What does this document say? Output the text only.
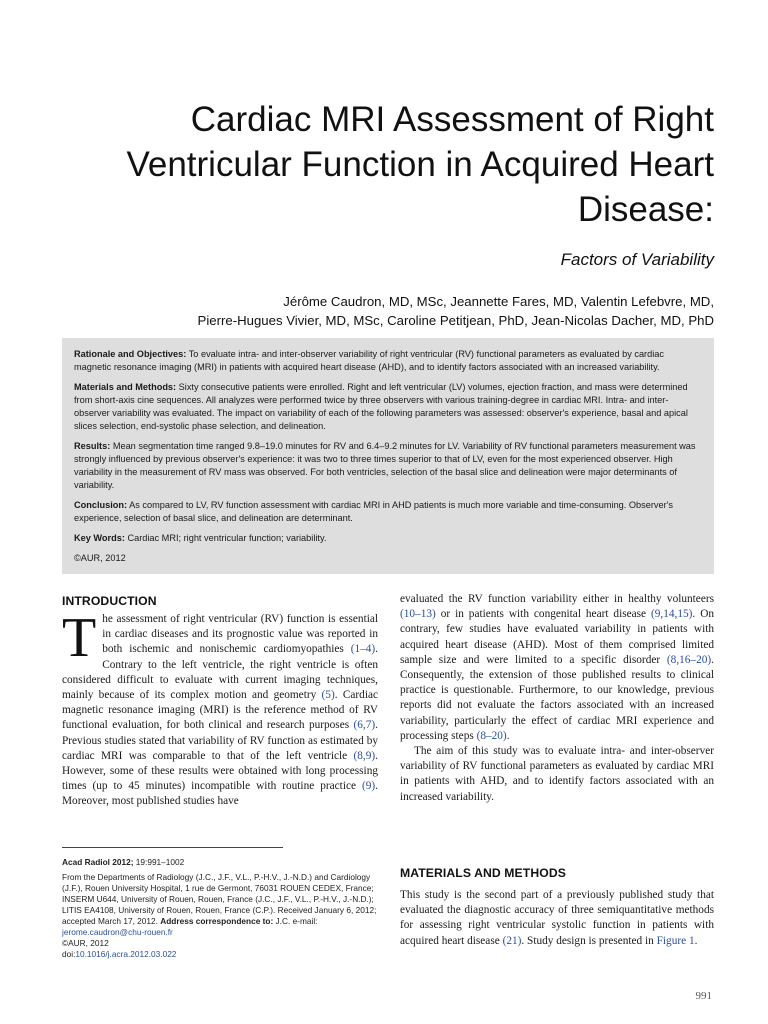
Cardiac MRI Assessment of Right Ventricular Function in Acquired Heart Disease:

Factors of Variability

Jérôme Caudron, MD, MSc, Jeannette Fares, MD, Valentin Lefebvre, MD,
Pierre-Hugues Vivier, MD, MSc, Caroline Petitjean, PhD, Jean-Nicolas Dacher, MD, PhD

Rationale and Objectives: To evaluate intra- and inter-observer variability of right ventricular (RV) functional parameters as evaluated by cardiac magnetic resonance imaging (MRI) in patients with acquired heart disease (AHD), and to identify factors associated with an increased variability.

Materials and Methods: Sixty consecutive patients were enrolled. Right and left ventricular (LV) volumes, ejection fraction, and mass were determined from short-axis cine sequences. All analyzes were performed twice by three observers with various training-degree in cardiac MRI. Intra- and inter-observer variability was evaluated. The impact on variability of each of the following parameters was assessed: observer's experience, basal and apical slices selection, end-systolic phase selection, and delineation.

Results: Mean segmentation time ranged 9.8–19.0 minutes for RV and 6.4–9.2 minutes for LV. Variability of RV functional parameters measurement was strongly influenced by previous observer's experience: it was two to three times superior to that of LV, even for the most experienced observer. High variability in the measurement of RV mass was observed. For both ventricles, selection of the basal slice and delineation were major determinants of variability.

Conclusion: As compared to LV, RV function assessment with cardiac MRI in AHD patients is much more variable and time-consuming. Observer's experience, selection of basal slice, and delineation are determinant.

Key Words: Cardiac MRI; right ventricular function; variability.

©AUR, 2012

INTRODUCTION

The assessment of right ventricular (RV) function is essential in cardiac diseases and its prognostic value was reported in both ischemic and nonischemic cardiomyopathies (1–4). Contrary to the left ventricle, the right ventricle is often considered difficult to evaluate with current imaging techniques, mainly because of its complex motion and geometry (5). Cardiac magnetic resonance imaging (MRI) is the reference method of RV functional evaluation, for both clinical and research purposes (6,7). Previous studies stated that variability of RV function as estimated by cardiac MRI was comparable to that of the left ventricle (8,9). However, some of these results were obtained with long processing times (up to 45 minutes) incompatible with routine practice (9). Moreover, most published studies have

Acad Radiol 2012; 19:991–1002

From the Departments of Radiology (J.C., J.F., V.L., P.-H.V., J.-N.D.) and Cardiology (J.F.), Rouen University Hospital, 1 rue de Germont, 76031 ROUEN CEDEX, France; INSERM U644, University of Rouen, Rouen, France (J.C., J.F., V.L., P.-H.V., J.-N.D.); LITIS EA4108, University of Rouen, Rouen, France (C.P.). Received January 6, 2012; accepted March 17, 2012. Address correspondence to: J.C. e-mail: jerome.caudron@chu-rouen.fr

©AUR, 2012

doi:10.1016/j.acra.2012.03.022

evaluated the RV function variability either in healthy volunteers (10–13) or in patients with congenital heart disease (9,14,15). On contrary, few studies have evaluated variability in patients with acquired heart disease (AHD). Most of them comprised limited sample size and were limited to a specific disorder (8,16–20). Consequently, the extension of those published results to clinical practice is questionable. Furthermore, to our knowledge, previous reports did not evaluate the factors associated with an increased variability, particularly the effect of cardiac MRI experience and processing steps (8–20).

The aim of this study was to evaluate intra- and inter-observer variability of RV functional parameters as evaluated by cardiac MRI in patients with AHD, and to identify factors associated with an increased variability.

MATERIALS AND METHODS

This study is the second part of a previously published study that evaluated the diagnostic accuracy of three semiquantitative methods for assessing right ventricular systolic function in patients with acquired heart disease (21). Study design is presented in Figure 1.

991
